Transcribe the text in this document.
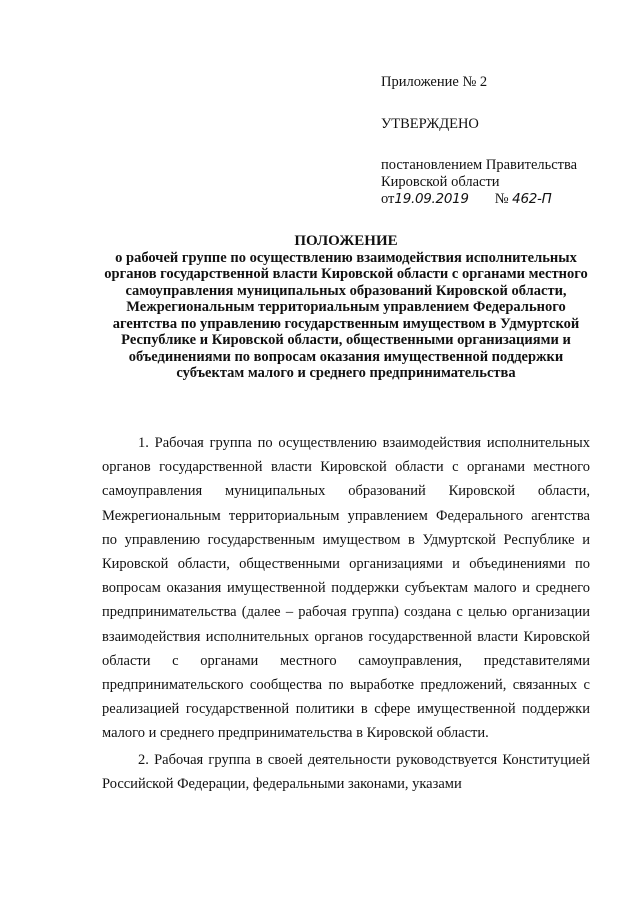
Приложение № 2

УТВЕРЖДЕНО

постановлением Правительства

Кировской области

от19.09.2019 № 462-П

ПОЛОЖЕНИЕ
о рабочей группе по осуществлению взаимодействия исполнительных органов государственной власти Кировской области с органами местного самоуправления муниципальных образований Кировской области, Межрегиональным территориальным управлением Федерального агентства по управлению государственным имуществом в Удмуртской Республике и Кировской области, общественными организациями и объединениями по вопросам оказания имущественной поддержки субъектам малого и среднего предпринимательства

1. Рабочая группа по осуществлению взаимодействия исполнительных органов государственной власти Кировской области с органами местного самоуправления муниципальных образований Кировской области, Межрегиональным территориальным управлением Федерального агентства по управлению государственным имуществом в Удмуртской Республике и Кировской области, общественными организациями и объединениями по вопросам оказания имущественной поддержки субъектам малого и среднего предпринимательства (далее – рабочая группа) создана с целью организации взаимодействия исполнительных органов государственной власти Кировской области с органами местного самоуправления, представителями предпринимательского сообщества по выработке предложений, связанных с реализацией государственной политики в сфере имущественной поддержки малого и среднего предпринимательства в Кировской области.

2. Рабочая группа в своей деятельности руководствуется Конституцией Российской Федерации, федеральными законами, указами
